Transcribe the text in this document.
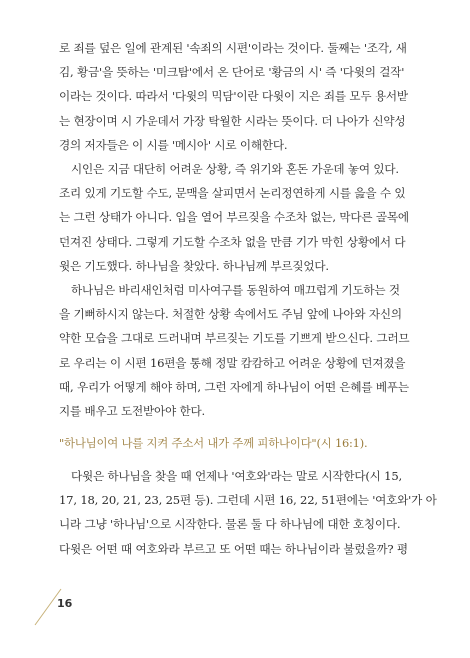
로 죄를 덮은 일에 관계된 '속죄의 시편'이라는 것이다. 둘째는 '조각, 새
김, 황금'을 뜻하는 '미크탐'에서 온 단어로 '황금의 시' 즉 '다윗의 걸작'
이라는 것이다. 따라서 '다윗의 믹담'이란 다윗이 지은 죄를 모두 용서받
는 현장이며 시 가운데서 가장 탁월한 시라는 뜻이다. 더 나아가 신약성
경의 저자들은 이 시를 '메시아' 시로 이해한다.

시인은 지금 대단히 어려운 상황, 즉 위기와 혼돈 가운데 놓여 있다.
조리 있게 기도할 수도, 문맥을 살피면서 논리정연하게 시를 읊을 수 있
는 그런 상태가 아니다. 입을 열어 부르짖을 수조차 없는, 막다른 골목에
던져진 상태다. 그렇게 기도할 수조차 없을 만큼 기가 막힌 상황에서 다
윗은 기도했다. 하나님을 찾았다. 하나님께 부르짖었다.

하나님은 바리새인처럼 미사여구를 동원하여 매끄럽게 기도하는 것
을 기뻐하시지 않는다. 처절한 상황 속에서도 주님 앞에 나아와 자신의
약한 모습을 그대로 드러내며 부르짖는 기도를 기쁘게 받으신다. 그러므
로 우리는 이 시편 16편을 통해 정말 캄캄하고 어려운 상황에 던져졌을
때, 우리가 어떻게 해야 하며, 그런 자에게 하나님이 어떤 은혜를 베푸는
지를 배우고 도전받아야 한다.

"하나님이여 나를 지켜 주소서 내가 주께 피하나이다"(시 16:1).

다윗은 하나님을 찾을 때 언제나 '여호와'라는 말로 시작한다(시 15,
17, 18, 20, 21, 23, 25편 등). 그런데 시편 16, 22, 51편에는 '여호와'가 아
니라 그냥 '하나님'으로 시작한다. 물론 둘 다 하나님에 대한 호칭이다.
다윗은 어떤 때 여호와라 부르고 또 어떤 때는 하나님이라 불렀을까? 평

16
